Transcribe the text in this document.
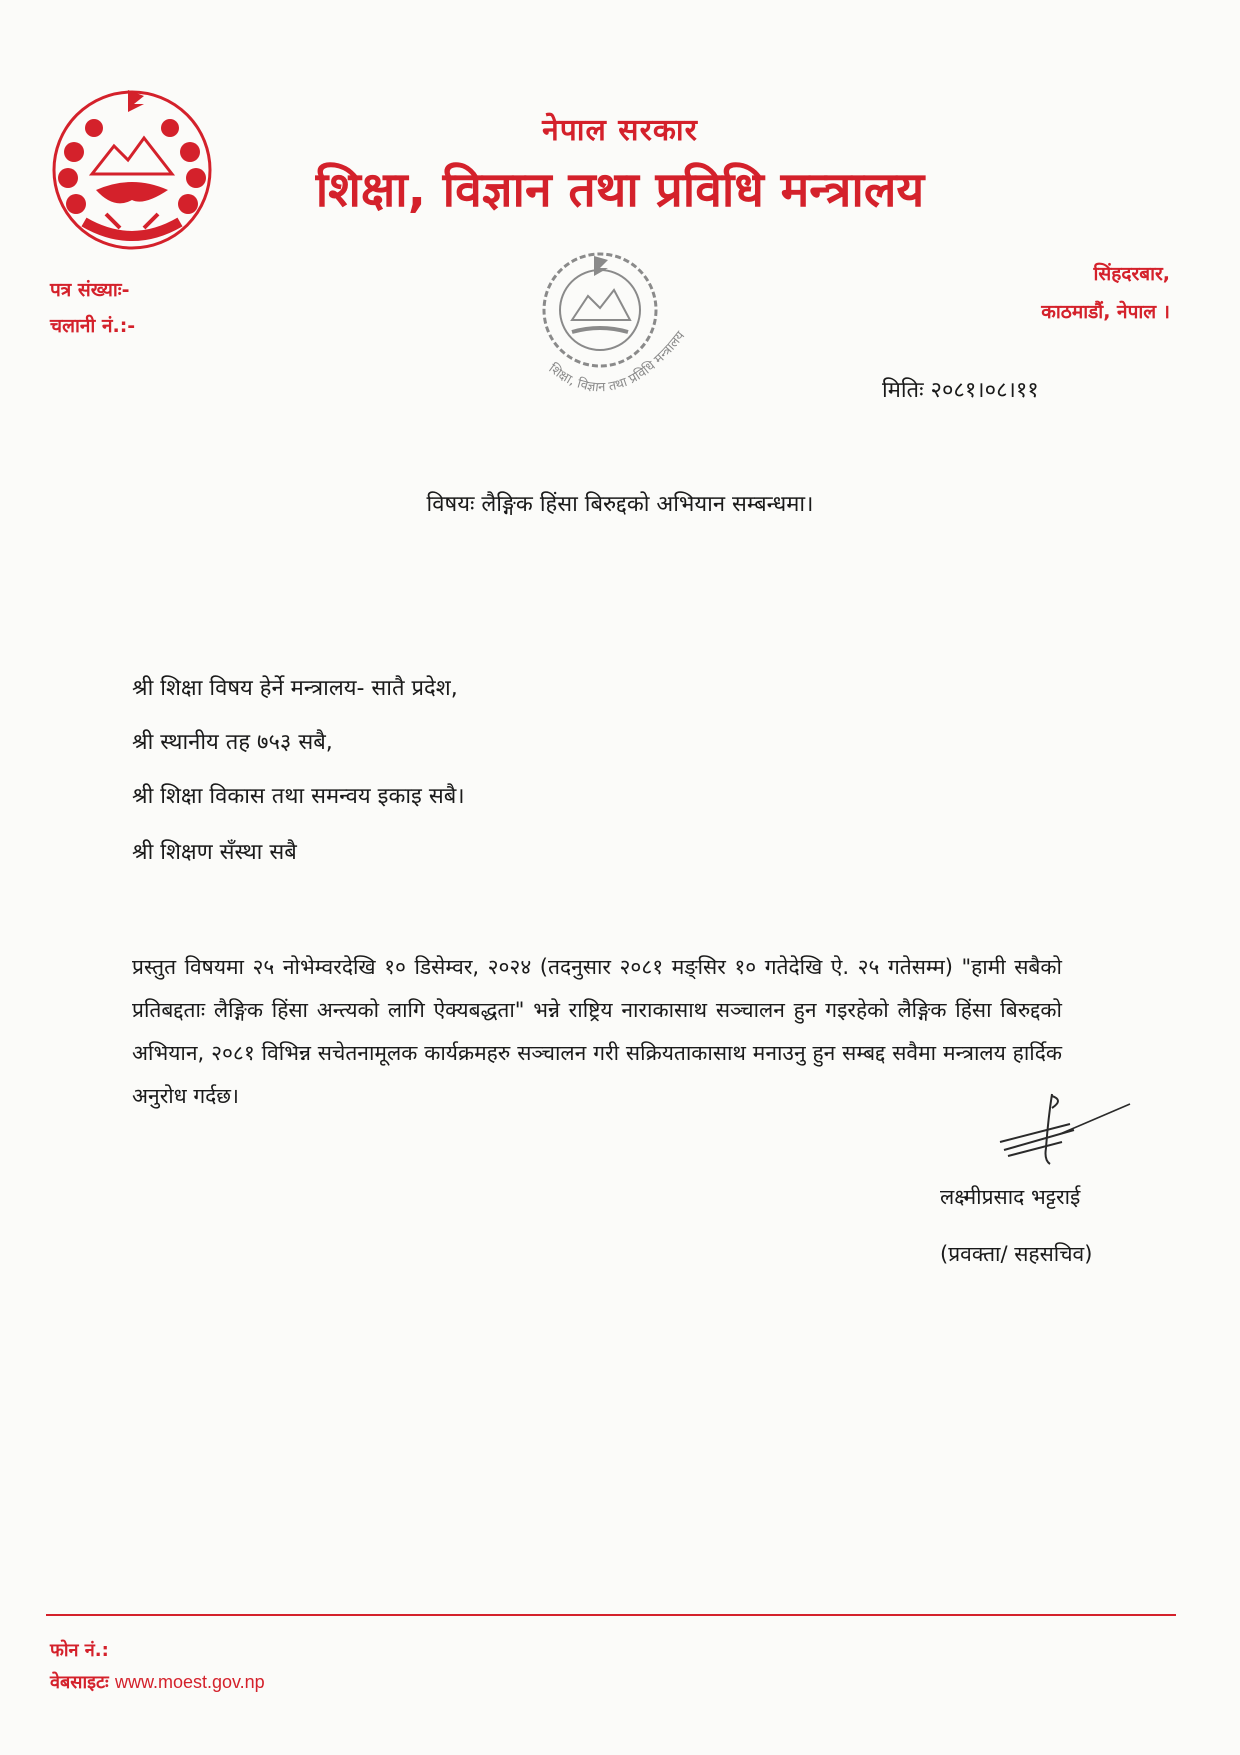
नेपाल सरकार
शिक्षा, विज्ञान तथा प्रविधि मन्त्रालय
पत्र संख्याः-
चलानी नं.:-
सिंहदरबार,
काठमाडौं, नेपाल ।
शिक्षा, विज्ञान तथा प्रविधि मन्त्रालय
मितिः २०८१।०८।११
विषयः लैङ्गिक हिंसा बिरुद्दको अभियान सम्बन्धमा।
श्री शिक्षा विषय हेर्ने मन्त्रालय- सातै प्रदेश,
श्री स्थानीय तह ७५३ सबै,
श्री शिक्षा विकास तथा समन्वय इकाइ सबै।
श्री शिक्षण सँस्था सबै
प्रस्तुत विषयमा २५ नोभेम्वरदेखि १० डिसेम्वर, २०२४ (तदनुसार २०८१ मङ्सिर १० गतेदेखि ऐ. २५ गतेसम्म) "हामी सबैको प्रतिबद्दताः लैङ्गिक हिंसा अन्त्यको लागि ऐक्यबद्धता" भन्ने राष्ट्रिय नाराकासाथ सञ्चालन हुन गइरहेको लैङ्गिक हिंसा बिरुद्दको अभियान, २०८१ विभिन्न सचेतनामूलक कार्यक्रमहरु सञ्चालन गरी सक्रियताकासाथ मनाउनु हुन सम्बद्द सवैमा मन्त्रालय हार्दिक अनुरोध गर्दछ।
लक्ष्मीप्रसाद भट्टराई
(प्रवक्ता/ सहसचिव)
फोन नं.:
वेबसाइटः www.moest.gov.np
